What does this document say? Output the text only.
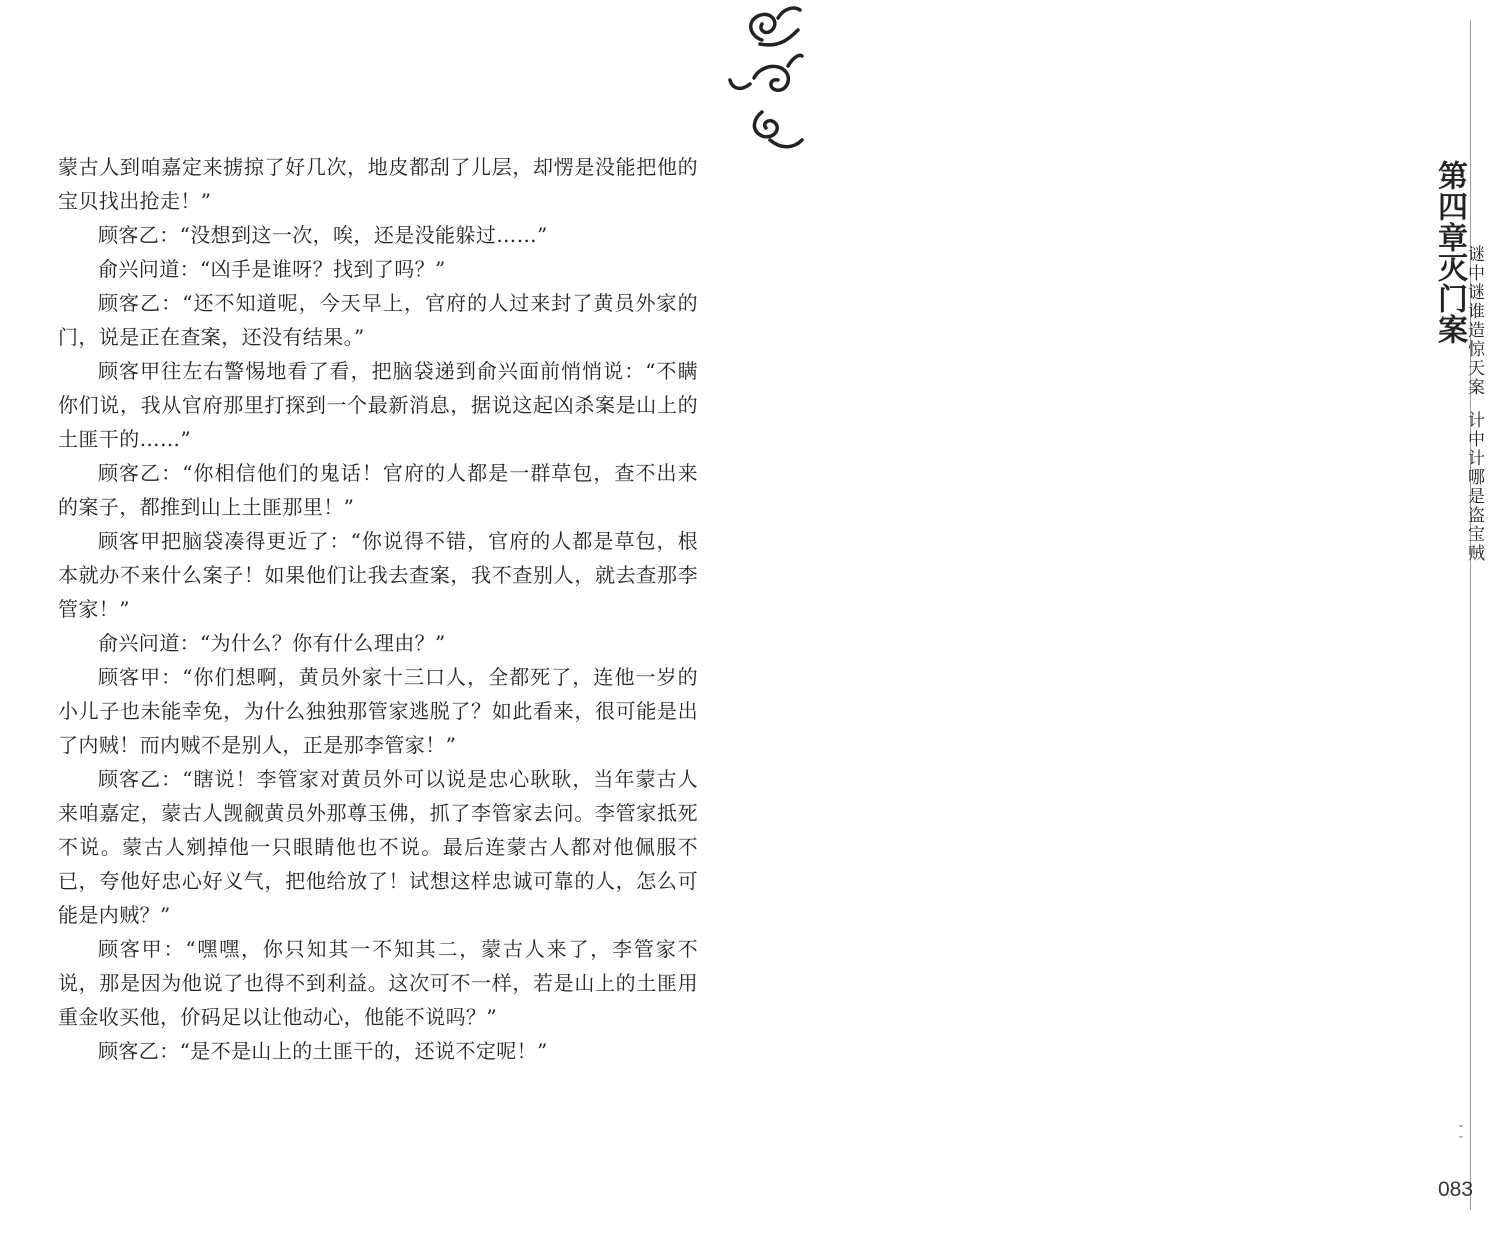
蒙古人到咱嘉定来掳掠了好几次，地皮都刮了儿层，却愣是没能把他的宝贝找出抢走！”

顾客乙：“没想到这一次，唉，还是没能躲过……”

俞兴问道：“凶手是谁呀？找到了吗？”

顾客乙：“还不知道呢，今天早上，官府的人过来封了黄员外家的门，说是正在查案，还没有结果。”

顾客甲往左右警惕地看了看，把脑袋递到俞兴面前悄悄说：“不瞒你们说，我从官府那里打探到一个最新消息，据说这起凶杀案是山上的土匪干的……”

顾客乙：“你相信他们的鬼话！官府的人都是一群草包，查不出来的案子，都推到山上土匪那里！”

顾客甲把脑袋凑得更近了：“你说得不错，官府的人都是草包，根本就办不来什么案子！如果他们让我去查案，我不查别人，就去查那李管家！”

俞兴问道：“为什么？你有什么理由？”

顾客甲：“你们想啊，黄员外家十三口人，全都死了，连他一岁的小儿子也未能幸免，为什么独独那管家逃脱了？如此看来，很可能是出了内贼！而内贼不是别人，正是那李管家！”

顾客乙：“瞎说！李管家对黄员外可以说是忠心耿耿，当年蒙古人来咱嘉定，蒙古人觊觎黄员外那尊玉佛，抓了李管家去问。李管家抵死不说。蒙古人剜掉他一只眼睛他也不说。最后连蒙古人都对他佩服不已，夸他好忠心好义气，把他给放了！试想这样忠诚可靠的人，怎么可能是内贼？”

顾客甲：“嘿嘿，你只知其一不知其二，蒙古人来了，李管家不说，那是因为他说了也得不到利益。这次可不一样，若是山上的土匪用重金收买他，价码足以让他动心，他能不说吗？”

顾客乙：“是不是山上的土匪干的，还说不定呢！”

第四章
灭门案
谜中谜谁造惊天案计中计哪是盗宝贼
⌄
⌄
083
